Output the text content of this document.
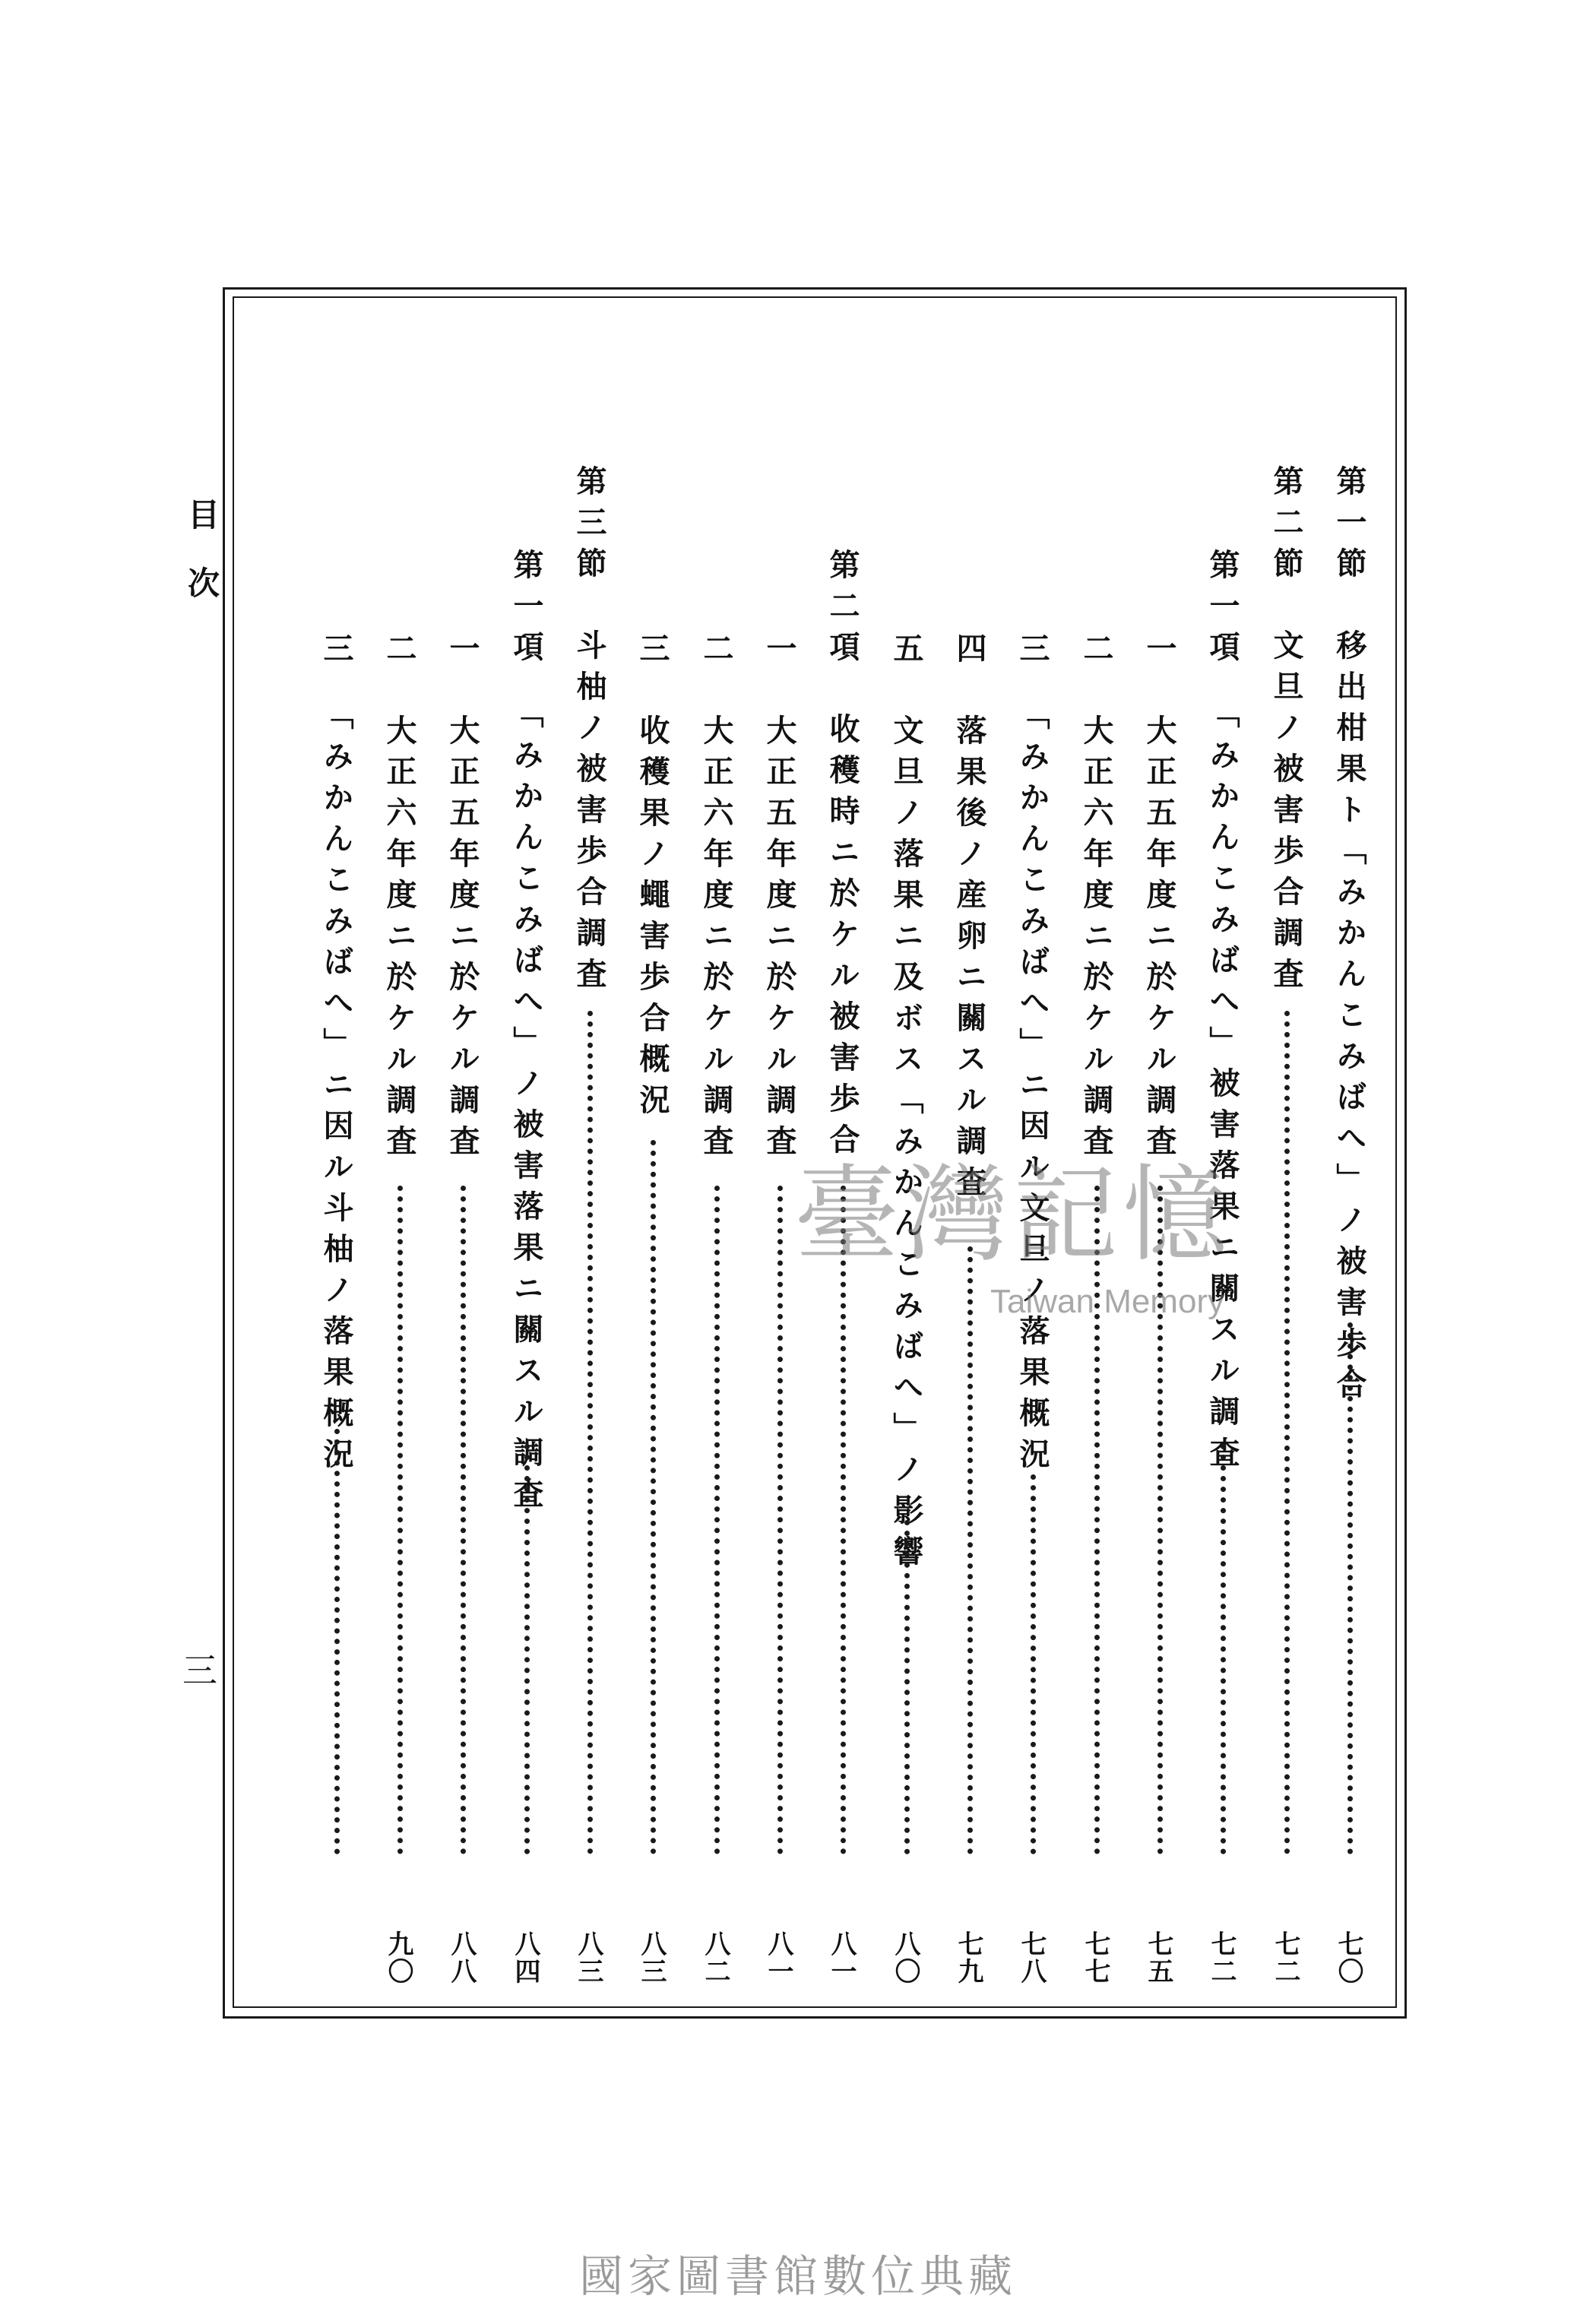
目次
三
第一節　移出柑果ト「みかんこみばへ」ノ被害歩合
七〇
第二節　文旦ノ被害歩合調査
七二
第一項　「みかんこみばへ」被害落果ニ關スル調査
七二
一　大正五年度ニ於ケル調査
七五
二　大正六年度ニ於ケル調査
七七
三　「みかんこみばへ」ニ因ル文旦ノ落果概況
七八
四　落果後ノ産卵ニ關スル調査
七九
五　文旦ノ落果ニ及ボス「みかんこみばへ」ノ影響
八〇
第二項　收穫時ニ於ケル被害歩合
八一
一　大正五年度ニ於ケル調査
八一
二　大正六年度ニ於ケル調査
八二
三　收穫果ノ蠅害歩合概況
八三
第三節　斗柚ノ被害歩合調査
八三
第一項　「みかんこみばへ」ノ被害落果ニ關スル調査
八四
一　大正五年度ニ於ケル調査
八八
二　大正六年度ニ於ケル調査
九〇
三　「みかんこみばへ」ニ因ル斗柚ノ落果概況	臺灣記憶
Taiwan Memory
國家圖書館數位典藏
